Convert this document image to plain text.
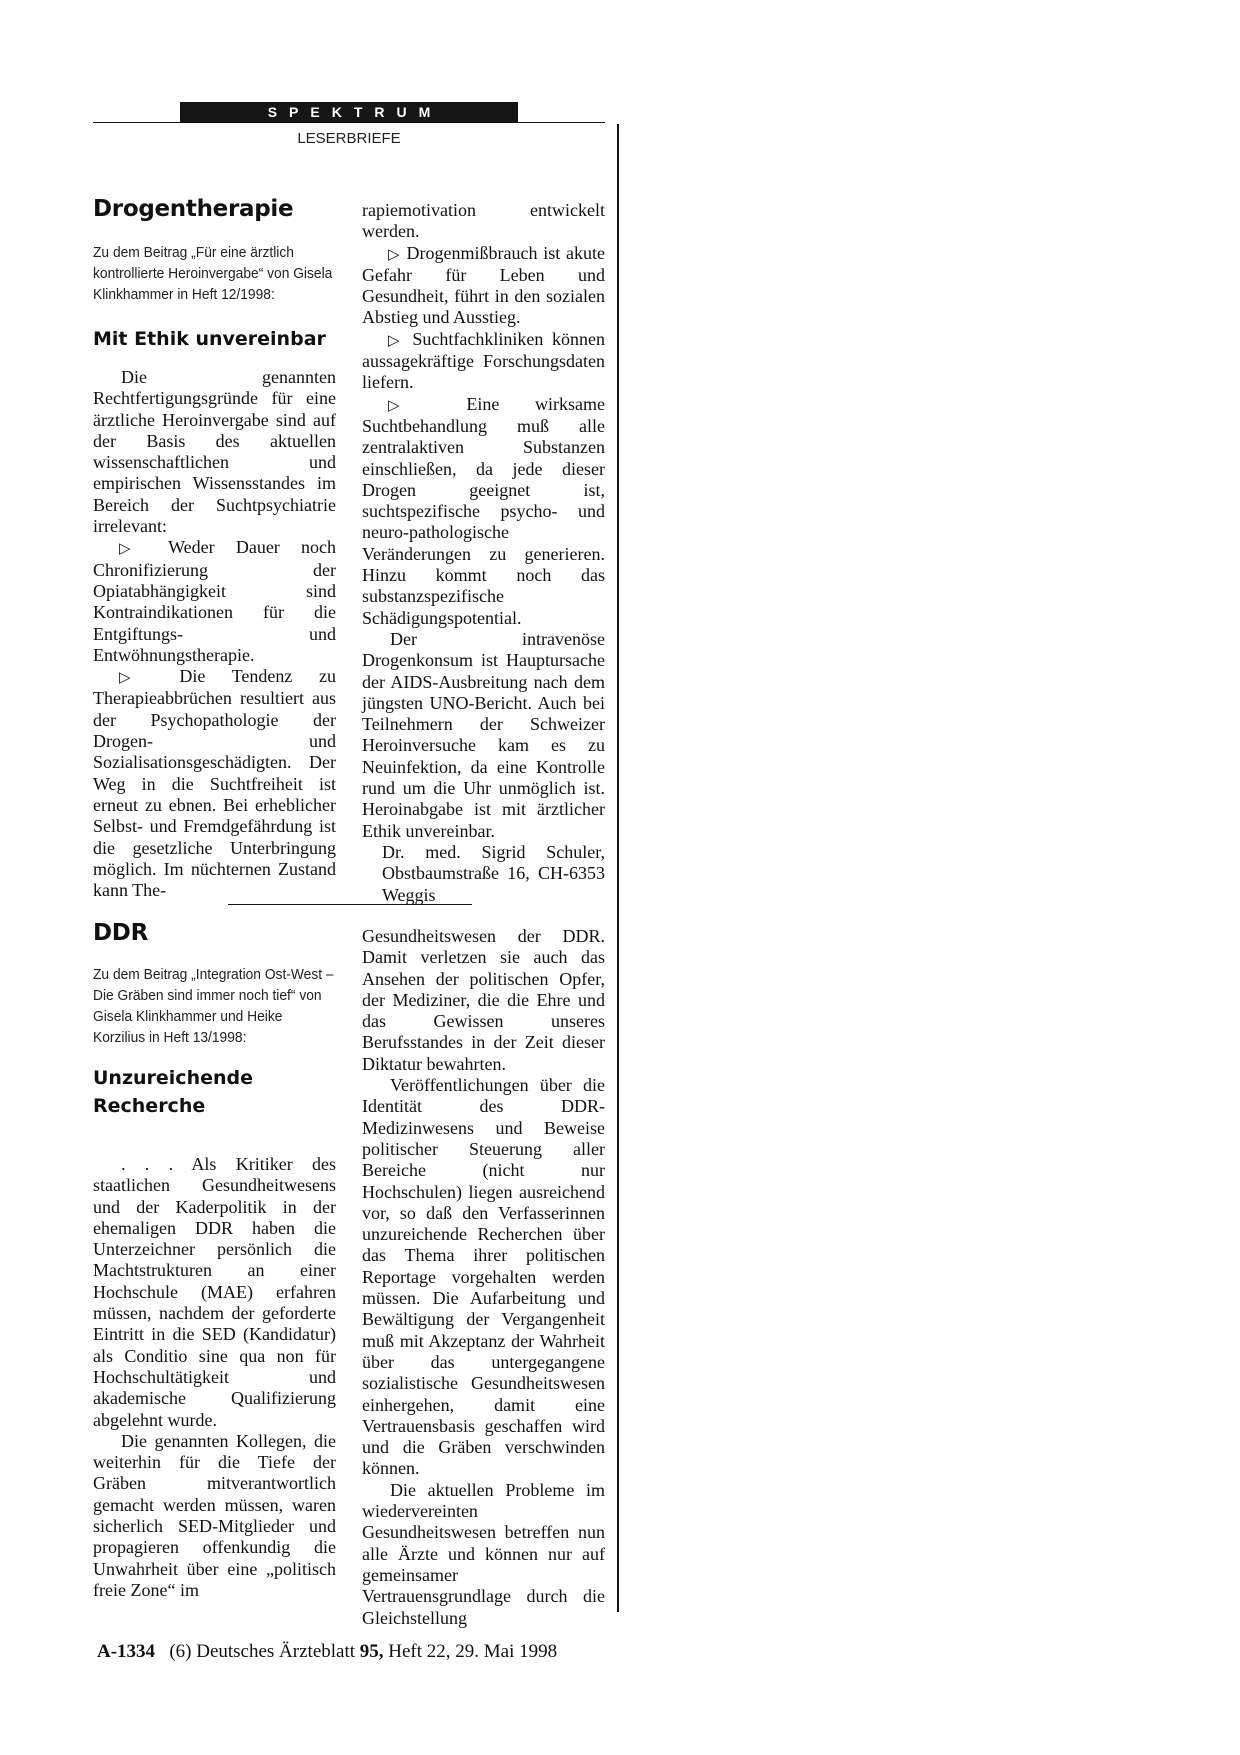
SPEKTRUM
LESERBRIEFE
Drogentherapie

Zu dem Beitrag „Für eine ärztlich kontrollierte Heroinvergabe“ von Gisela Klinkhammer in Heft 12/1998:

Mit Ethik unvereinbar

Die genannten Rechtfertigungsgründe für eine ärztliche Heroinvergabe sind auf der Basis des aktuellen wissenschaftlichen und empirischen Wissensstandes im Bereich der Suchtpsychiatrie irrelevant:

▷ Weder Dauer noch Chronifizierung der Opiatabhängigkeit sind Kontraindikationen für die Entgiftungs- und Entwöhnungstherapie.

▷ Die Tendenz zu Therapieabbrüchen resultiert aus der Psychopathologie der Drogen- und Sozialisationsgeschädigten. Der Weg in die Suchtfreiheit ist erneut zu ebnen. Bei erheblicher Selbst- und Fremdgefährdung ist die gesetzliche Unterbringung möglich. Im nüchternen Zustand kann The-

rapiemotivation entwickelt werden.

▷ Drogenmißbrauch ist akute Gefahr für Leben und Gesundheit, führt in den sozialen Abstieg und Ausstieg.

▷ Suchtfachkliniken können aussagekräftige Forschungsdaten liefern.

▷ Eine wirksame Suchtbehandlung muß alle zentralaktiven Substanzen einschließen, da jede dieser Drogen geeignet ist, suchtspezifische psycho- und neuro-pathologische Veränderungen zu generieren. Hinzu kommt noch das substanzspezifische Schädigungspotential.

Der intravenöse Drogenkonsum ist Hauptursache der AIDS-Ausbreitung nach dem jüngsten UNO-Bericht. Auch bei Teilnehmern der Schweizer Heroinversuche kam es zu Neuinfektion, da eine Kontrolle rund um die Uhr unmöglich ist. Heroinabgabe ist mit ärztlicher Ethik unvereinbar.

Dr. med. Sigrid Schuler, Obstbaumstraße 16, CH-6353 Weggis

DDR

Zu dem Beitrag „Integration Ost-West – Die Gräben sind immer noch tief“ von Gisela Klinkhammer und Heike Korzilius in Heft 13/1998:

Unzureichende Recherche

. . . Als Kritiker des staatlichen Gesundheitwesens und der Kaderpolitik in der ehemaligen DDR haben die Unterzeichner persönlich die Machtstrukturen an einer Hochschule (MAE) erfahren müssen, nachdem der geforderte Eintritt in die SED (Kandidatur) als Conditio sine qua non für Hochschultätigkeit und akademische Qualifizierung abgelehnt wurde.

Die genannten Kollegen, die weiterhin für die Tiefe der Gräben mitverantwortlich gemacht werden müssen, waren sicherlich SED-Mitglieder und propagieren offenkundig die Unwahrheit über eine „politisch freie Zone“ im

Gesundheitswesen der DDR. Damit verletzen sie auch das Ansehen der politischen Opfer, der Mediziner, die die Ehre und das Gewissen unseres Berufsstandes in der Zeit dieser Diktatur bewahrten.

Veröffentlichungen über die Identität des DDR-Medizinwesens und Beweise politischer Steuerung aller Bereiche (nicht nur Hochschulen) liegen ausreichend vor, so daß den Verfasserinnen unzureichende Recherchen über das Thema ihrer politischen Reportage vorgehalten werden müssen. Die Aufarbeitung und Bewältigung der Vergangenheit muß mit Akzeptanz der Wahrheit über das untergegangene sozialistische Gesundheitswesen einhergehen, damit eine Vertrauensbasis geschaffen wird und die Gräben verschwinden können.

Die aktuellen Probleme im wiedervereinten Gesundheitswesen betreffen nun alle Ärzte und können nur auf gemeinsamer Vertrauensgrundlage durch die Gleichstellung

A-1334 (6) Deutsches Ärzteblatt 95, Heft 22, 29. Mai 1998
